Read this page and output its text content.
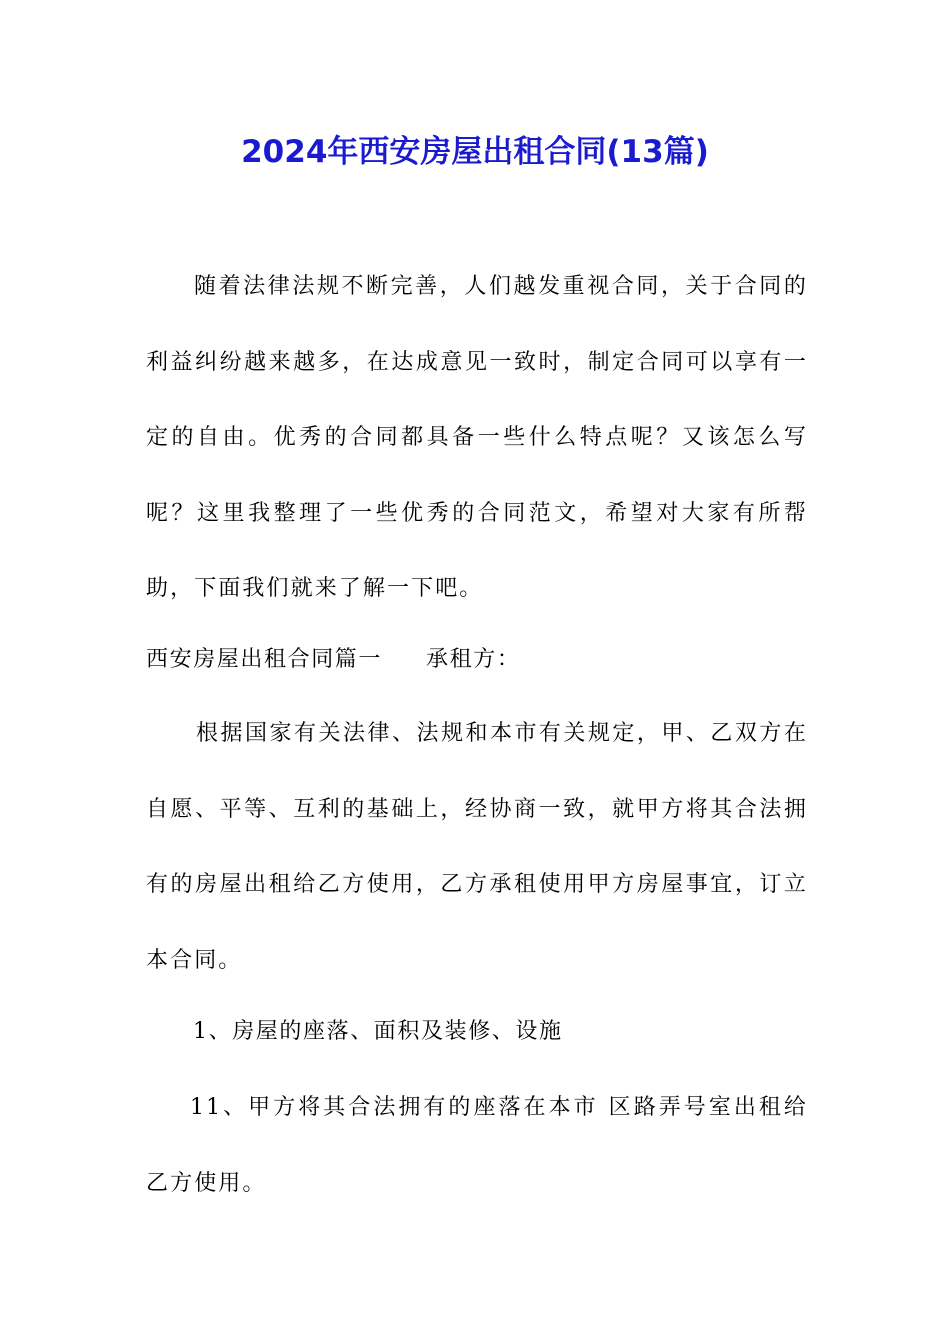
2024年西安房屋出租合同(13篇)

随着法律法规不断完善，人们越发重视合同，关于合同的利益纠纷越来越多，在达成意见一致时，制定合同可以享有一定的自由。优秀的合同都具备一些什么特点呢？又该怎么写呢？这里我整理了一些优秀的合同范文，希望对大家有所帮助，下面我们就来了解一下吧。

西安房屋出租合同篇一 承租方：

根据国家有关法律、法规和本市有关规定，甲、乙双方在自愿、平等、互利的基础上，经协商一致，就甲方将其合法拥有的房屋出租给乙方使用，乙方承租使用甲方房屋事宜，订立本合同。

1、房屋的座落、面积及装修、设施

11、甲方将其合法拥有的座落在本市 区路弄号室出租给乙方使用。
